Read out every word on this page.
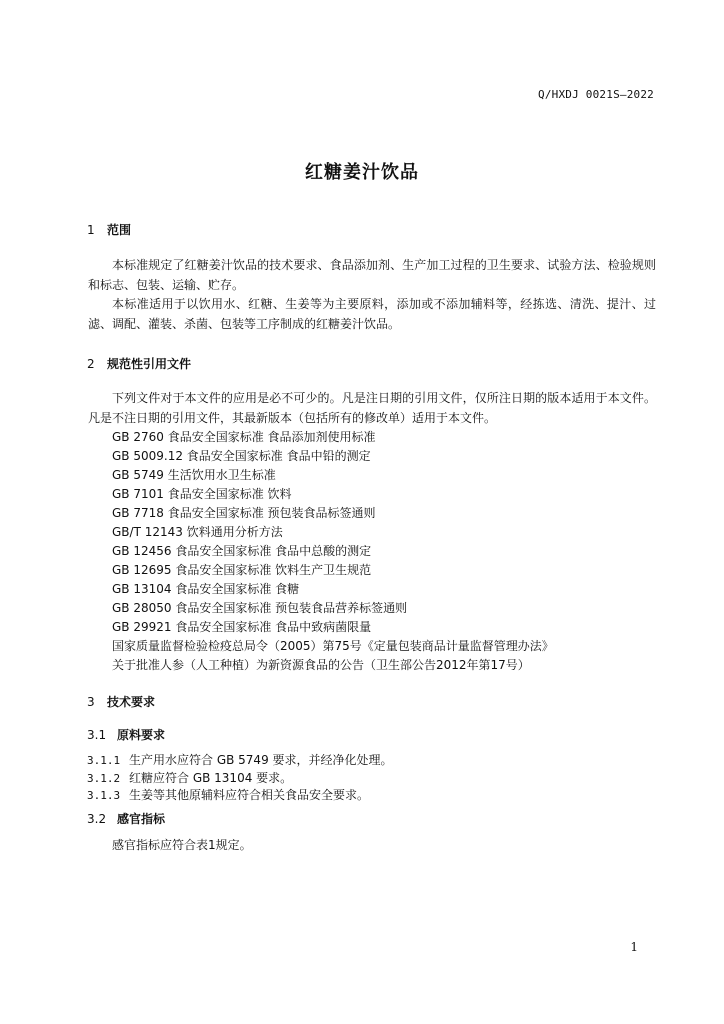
Q/HXDJ 0021S—2022
红糖姜汁饮品
1 范围
本标准规定了红糖姜汁饮品的技术要求、食品添加剂、生产加工过程的卫生要求、试验方法、检验规则和标志、包装、运输、贮存。
本标准适用于以饮用水、红糖、生姜等为主要原料，添加或不添加辅料等，经拣选、清洗、提汁、过滤、调配、灌装、杀菌、包装等工序制成的红糖姜汁饮品。
2 规范性引用文件
下列文件对于本文件的应用是必不可少的。凡是注日期的引用文件，仅所注日期的版本适用于本文件。凡是不注日期的引用文件，其最新版本（包括所有的修改单）适用于本文件。
GB 2760 食品安全国家标准 食品添加剂使用标准
GB 5009.12 食品安全国家标准 食品中铅的测定
GB 5749 生活饮用水卫生标准
GB 7101 食品安全国家标准 饮料
GB 7718 食品安全国家标准 预包装食品标签通则
GB/T 12143 饮料通用分析方法
GB 12456 食品安全国家标准 食品中总酸的测定
GB 12695 食品安全国家标准 饮料生产卫生规范
GB 13104 食品安全国家标准 食糖
GB 28050 食品安全国家标准 预包装食品营养标签通则
GB 29921 食品安全国家标准 食品中致病菌限量
国家质量监督检验检疫总局令（2005）第75号《定量包装商品计量监督管理办法》
关于批准人参（人工种植）为新资源食品的公告（卫生部公告2012年第17号）
3 技术要求
3.1 原料要求
3.1.1 生产用水应符合 GB 5749 要求，并经净化处理。
3.1.2 红糖应符合 GB 13104 要求。
3.1.3 生姜等其他原辅料应符合相关食品安全要求。
3.2 感官指标
感官指标应符合表1规定。
1
